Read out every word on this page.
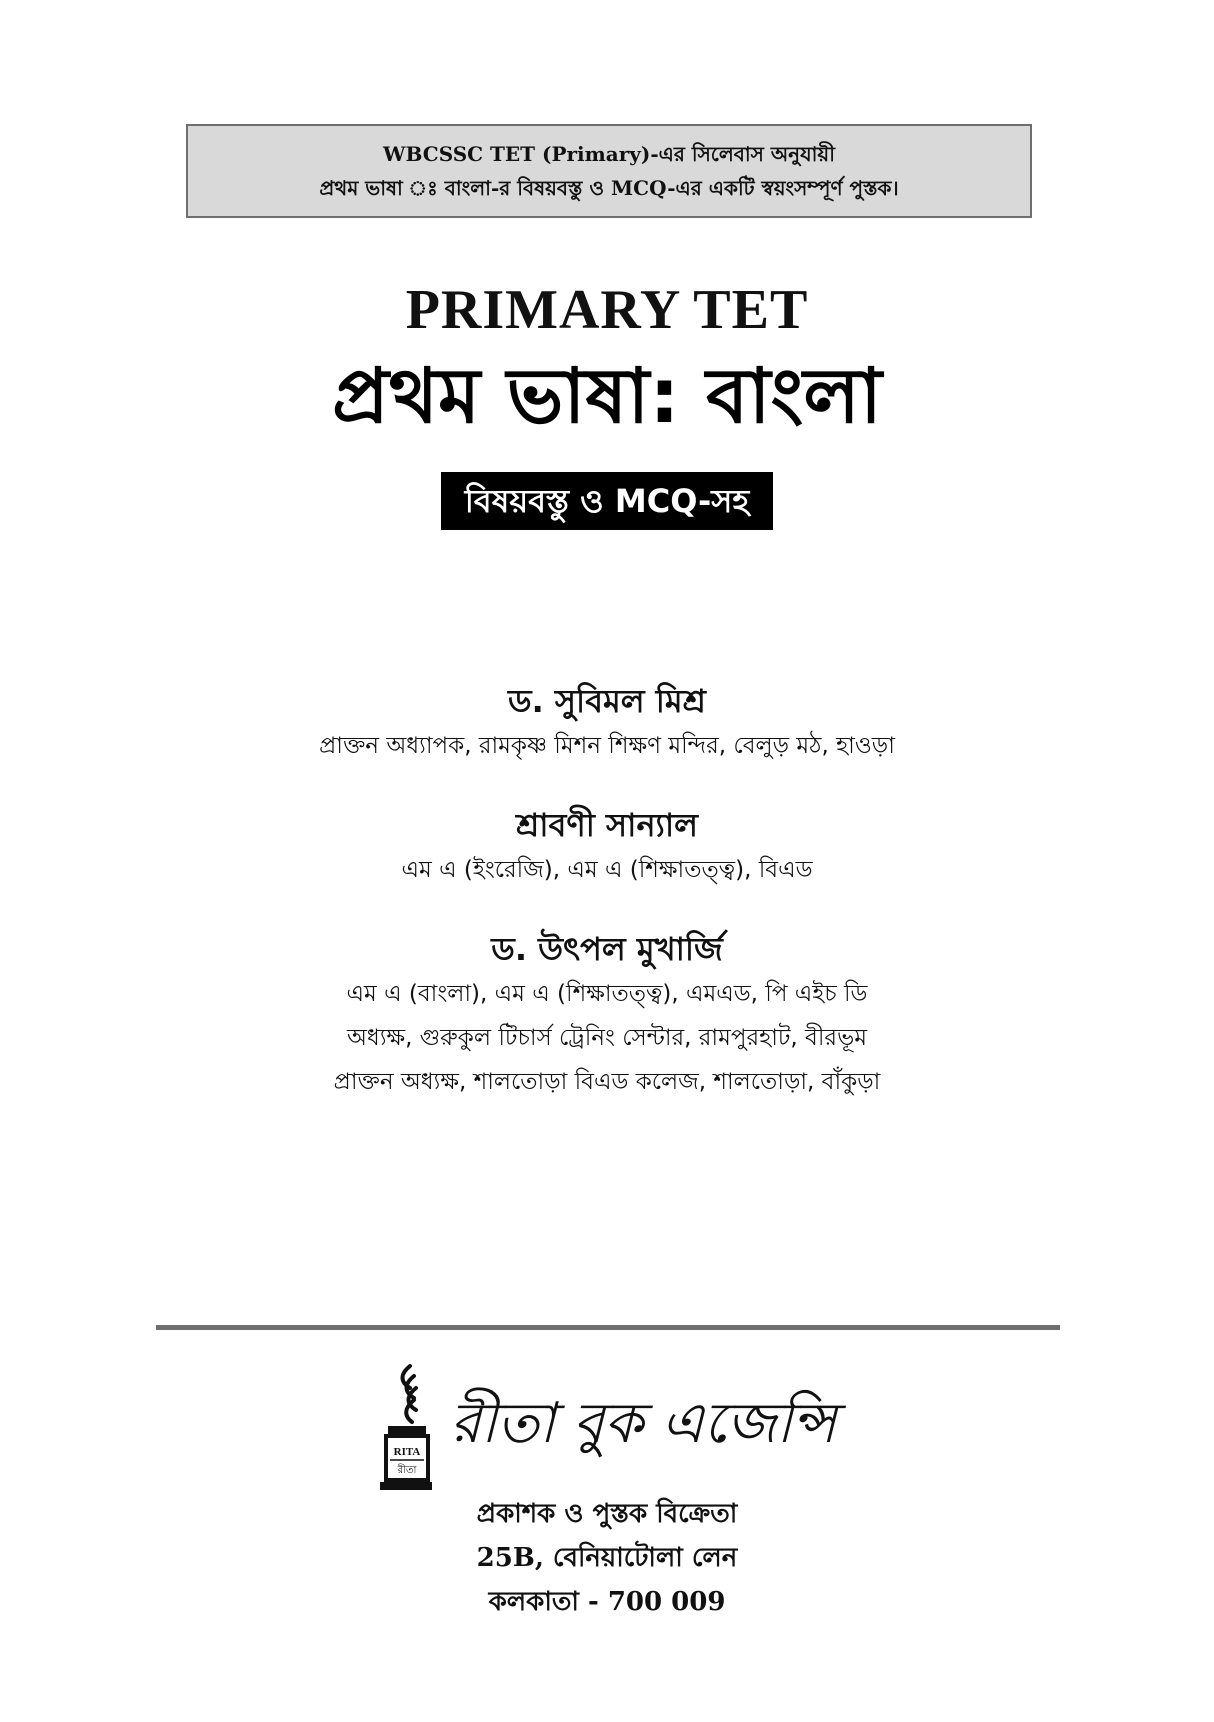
WBCSSC TET (Primary)-এর সিলেবাস অনুযায়ী
প্রথম ভাষা ঃ বাংলা-র বিষয়বস্তু ও MCQ-এর একটি স্বয়ংসম্পূর্ণ পুস্তক।
PRIMARY TET
প্রথম ভাষা: বাংলা
বিষয়বস্তু ও MCQ-সহ

ড. সুবিমল মিশ্র

প্রাক্তন অধ্যাপক, রামকৃষ্ণ মিশন শিক্ষণ মন্দির, বেলুড় মঠ, হাওড়া

শ্রাবণী সান্যাল

এম এ (ইংরেজি), এম এ (শিক্ষাতত্ত্ব), বিএড

ড. উৎপল মুখার্জি

এম এ (বাংলা), এম এ (শিক্ষাতত্ত্ব), এমএড, পি এইচ ডি

অধ্যক্ষ, গুরুকুল টিচার্স ট্রেনিং সেন্টার, রামপুরহাট, বীরভূম

প্রাক্তন অধ্যক্ষ, শালতোড়া বিএড কলেজ, শালতোড়া, বাঁকুড়া

RITA
রীতা
রীতা বুক এজেন্সি
প্রকাশক ও পুস্তক বিক্রেতা
25B, বেনিয়াটোলা লেন
কলকাতা - 700 009
